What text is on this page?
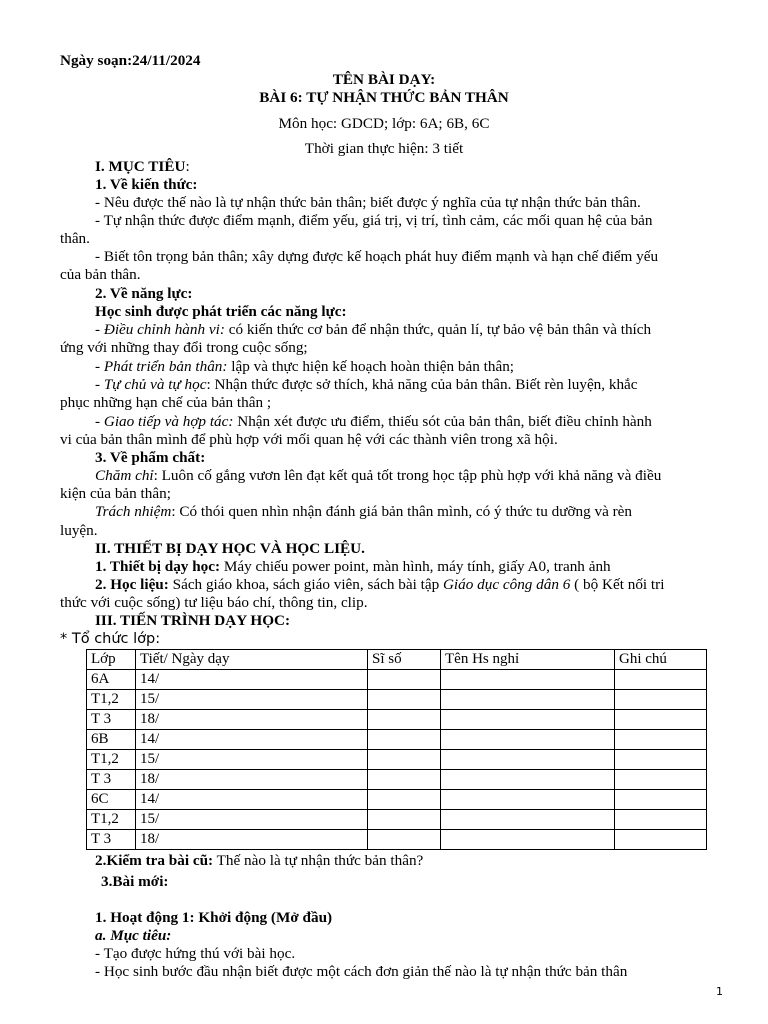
Ngày soạn:24/11/2024
TÊN BÀI DẠY:
BÀI 6: TỰ NHẬN THỨC BẢN THÂN
Môn học: GDCD; lớp: 6A; 6B, 6C
Thời gian thực hiện: 3 tiết
I. MỤC TIÊU:
1. Về kiến thức:
- Nêu được thế nào là tự nhận thức bản thân; biết được ý nghĩa của tự nhận thức bản thân.
- Tự nhận thức được điểm mạnh, điểm yếu, giá trị, vị trí, tình cảm, các mối quan hệ của bản
thân.
- Biết tôn trọng bản thân; xây dựng được kế hoạch phát huy điểm mạnh và hạn chế điểm yếu
của bản thân.
2. Về năng lực:
Học sinh được phát triển các năng lực:
- Điều chỉnh hành vi: có kiến thức cơ bản để nhận thức, quản lí, tự bảo vệ bản thân và thích
ứng với những thay đổi trong cuộc sống;
- Phát triển bản thân: lập và thực hiện kế hoạch hoàn thiện bản thân;
- Tự chủ và tự học: Nhận thức được sở thích, khả năng của bản thân. Biết rèn luyện, khắc
phục những hạn chế của bản thân ;
- Giao tiếp và hợp tác: Nhận xét được ưu điểm, thiếu sót của bản thân, biết điều chỉnh hành
vi của bản thân mình để phù hợp với mối quan hệ với các thành viên trong xã hội.
3. Về phẩm chất:
Chăm chỉ: Luôn cố gắng vươn lên đạt kết quả tốt trong học tập phù hợp với khả năng và điều
kiện của bản thân;
Trách nhiệm: Có thói quen nhìn nhận đánh giá bản thân mình, có ý thức tu dưỡng và rèn
luyện.
II. THIẾT BỊ DẠY HỌC VÀ HỌC LIỆU.
1. Thiết bị dạy học: Máy chiếu power point, màn hình, máy tính, giấy A0, tranh ảnh
2. Học liệu: Sách giáo khoa, sách giáo viên, sách bài tập Giáo dục công dân 6 ( bộ Kết nối tri
thức với cuộc sống) tư liệu báo chí, thông tin, clip.
III. TIẾN TRÌNH DẠY HỌC:
* Tổ chức lớp:
Lớp	Tiết/ Ngày dạy	Sĩ số	Tên Hs nghỉ	Ghi chú
6A	14/			
T1,2	15/			
T 3	18/			
6B	14/			
T1,2	15/			
T 3	18/			
6C	14/			
T1,2	15/			
T 3	18/			
2.Kiểm tra bài cũ: Thế nào là tự nhận thức bản thân?
3.Bài mới:
1. Hoạt động 1: Khởi động (Mở đầu)
a. Mục tiêu:
- Tạo được hứng thú với bài học.
- Học sinh bước đầu nhận biết được một cách đơn giản thế nào là tự nhận thức bản thân
1
